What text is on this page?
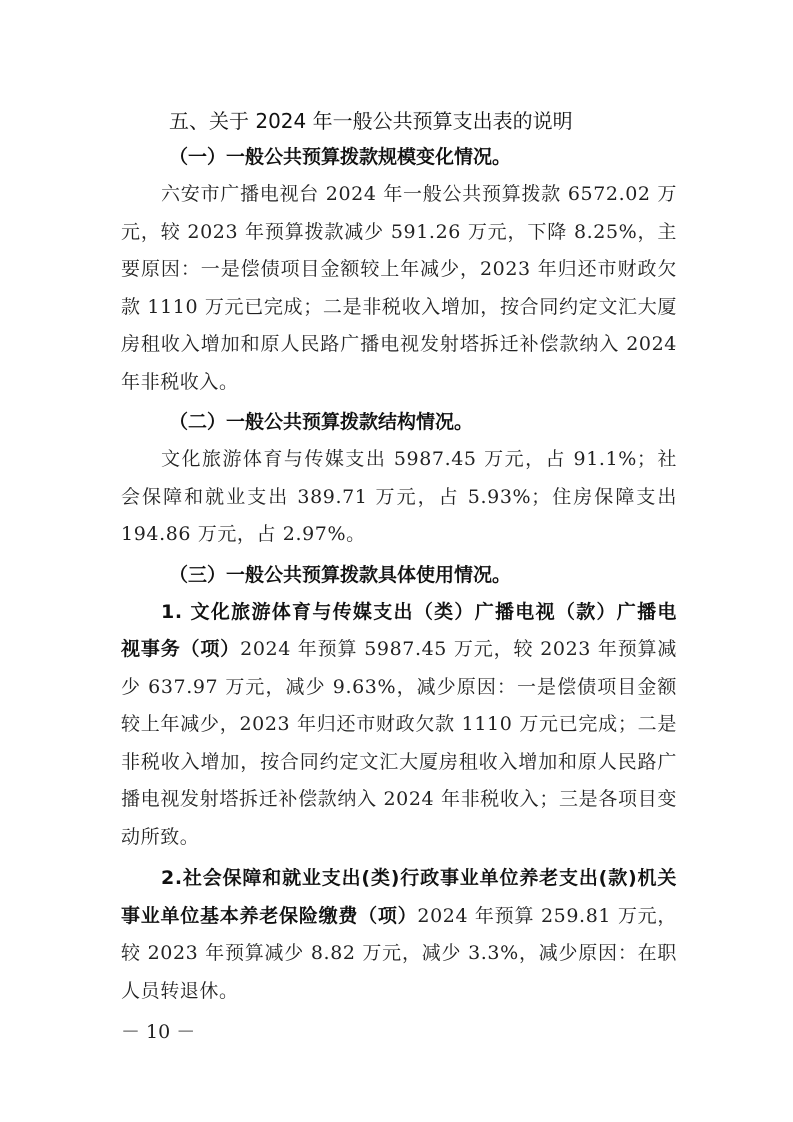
五、关于 2024 年一般公共预算支出表的说明
（一）一般公共预算拨款规模变化情况。

六安市广播电视台 2024 年一般公共预算拨款 6572.02 万元，较 2023 年预算拨款减少 591.26 万元，下降 8.25%，主要原因：一是偿债项目金额较上年减少，2023 年归还市财政欠款 1110 万元已完成；二是非税收入增加，按合同约定文汇大厦房租收入增加和原人民路广播电视发射塔拆迁补偿款纳入 2024 年非税收入。

（二）一般公共预算拨款结构情况。

文化旅游体育与传媒支出 5987.45 万元，占 91.1%；社会保障和就业支出 389.71 万元，占 5.93%；住房保障支出 194.86 万元，占 2.97%。

（三）一般公共预算拨款具体使用情况。

1. 文化旅游体育与传媒支出（类）广播电视（款）广播电视事务（项）2024 年预算 5987.45 万元，较 2023 年预算减少 637.97 万元，减少 9.63%，减少原因：一是偿债项目金额较上年减少，2023 年归还市财政欠款 1110 万元已完成；二是非税收入增加，按合同约定文汇大厦房租收入增加和原人民路广播电视发射塔拆迁补偿款纳入 2024 年非税收入；三是各项目变动所致。

2.社会保障和就业支出(类)行政事业单位养老支出(款)机关事业单位基本养老保险缴费（项）2024 年预算 259.81 万元，较 2023 年预算减少 8.82 万元，减少 3.3%，减少原因：在职人员转退休。

－ 10 －
